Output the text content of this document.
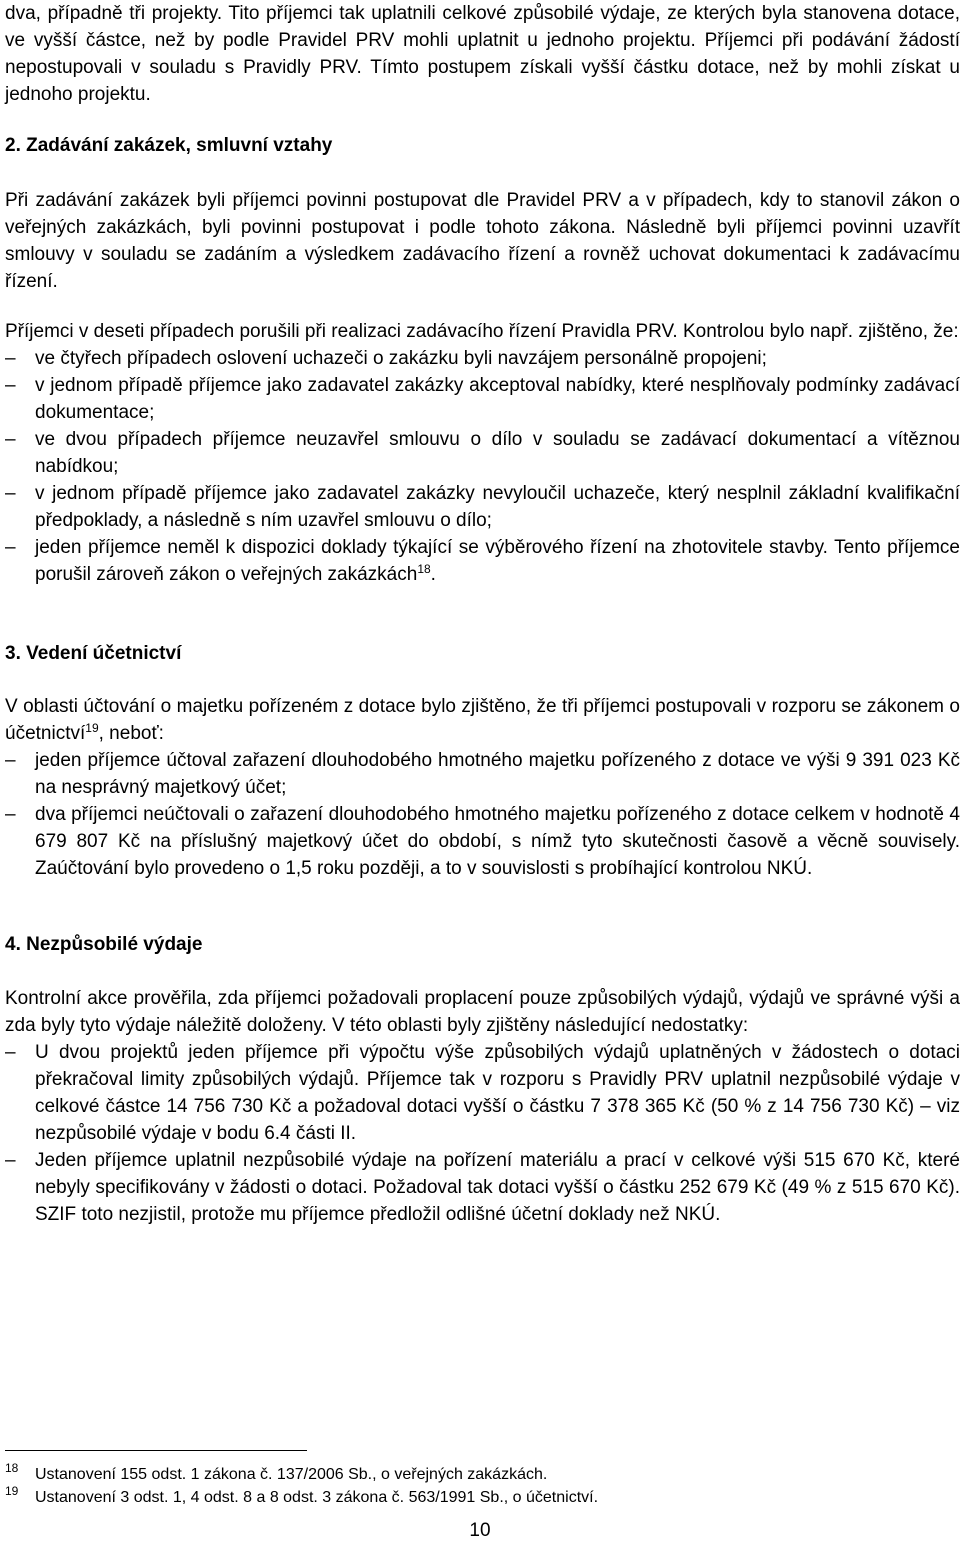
dva, případně tři projekty. Tito příjemci tak uplatnili celkové způsobilé výdaje, ze kterých byla stanovena dotace, ve vyšší částce, než by podle Pravidel PRV mohli uplatnit u jednoho projektu. Příjemci při podávání žádostí nepostupovali v souladu s Pravidly PRV. Tímto postupem získali vyšší částku dotace, než by mohli získat u jednoho projektu.

2. Zadávání zakázek, smluvní vztahy

Při zadávání zakázek byli příjemci povinni postupovat dle Pravidel PRV a v případech, kdy to stanovil zákon o veřejných zakázkách, byli povinni postupovat i podle tohoto zákona. Následně byli příjemci povinni uzavřít smlouvy v souladu se zadáním a výsledkem zadávacího řízení a rovněž uchovat dokumentaci k zadávacímu řízení.

Příjemci v deseti případech porušili při realizaci zadávacího řízení Pravidla PRV. Kontrolou bylo např. zjištěno, že:

–	ve čtyřech případech oslovení uchazeči o zakázku byli navzájem personálně propojeni;
–	v jednom případě příjemce jako zadavatel zakázky akceptoval nabídky, které nesplňovaly podmínky zadávací dokumentace;
–	ve dvou případech příjemce neuzavřel smlouvu o dílo v souladu se zadávací dokumentací a vítěznou nabídkou;
–	v jednom případě příjemce jako zadavatel zakázky nevyloučil uchazeče, který nesplnil základní kvalifikační předpoklady, a následně s ním uzavřel smlouvu o dílo;
–	jeden příjemce neměl k dispozici doklady týkající se výběrového řízení na zhotovitele stavby. Tento příjemce porušil zároveň zákon o veřejných zakázkách$^{18}$.
3. Vedení účetnictví

V oblasti účtování o majetku pořízeném z dotace bylo zjištěno, že tři příjemci postupovali v rozporu se zákonem o účetnictví$^{19}$, neboť:

–	jeden příjemce účtoval zařazení dlouhodobého hmotného majetku pořízeného z dotace ve výši 9 391 023 Kč na nesprávný majetkový účet;
–	dva příjemci neúčtovali o zařazení dlouhodobého hmotného majetku pořízeného z dotace celkem v hodnotě 4 679 807 Kč na příslušný majetkový účet do období, s nímž tyto skutečnosti časově a věcně souvisely. Zaúčtování bylo provedeno o 1,5 roku později, a to v souvislosti s probíhající kontrolou NKÚ.
4. Nezpůsobilé výdaje

Kontrolní akce prověřila, zda příjemci požadovali proplacení pouze způsobilých výdajů, výdajů ve správné výši a zda byly tyto výdaje náležitě doloženy. V této oblasti byly zjištěny následující nedostatky:

–	U dvou projektů jeden příjemce při výpočtu výše způsobilých výdajů uplatněných v žádostech o dotaci překračoval limity způsobilých výdajů. Příjemce tak v rozporu s Pravidly PRV uplatnil nezpůsobilé výdaje v celkové částce 14 756 730 Kč a požadoval dotaci vyšší o částku 7 378 365 Kč (50 % z 14 756 730 Kč) – viz nezpůsobilé výdaje v bodu 6.4 části II.
–	Jeden příjemce uplatnil nezpůsobilé výdaje na pořízení materiálu a prací v celkové výši 515 670 Kč, které nebyly specifikovány v žádosti o dotaci. Požadoval tak dotaci vyšší o částku 252 679 Kč (49 % z 515 670 Kč). SZIF toto nezjistil, protože mu příjemce předložil odlišné účetní doklady než NKÚ.
18 Ustanovení 155 odst. 1 zákona č. 137/2006 Sb., o veřejných zakázkách.
19 Ustanovení 3 odst. 1, 4 odst. 8 a 8 odst. 3 zákona č. 563/1991 Sb., o účetnictví.
10
